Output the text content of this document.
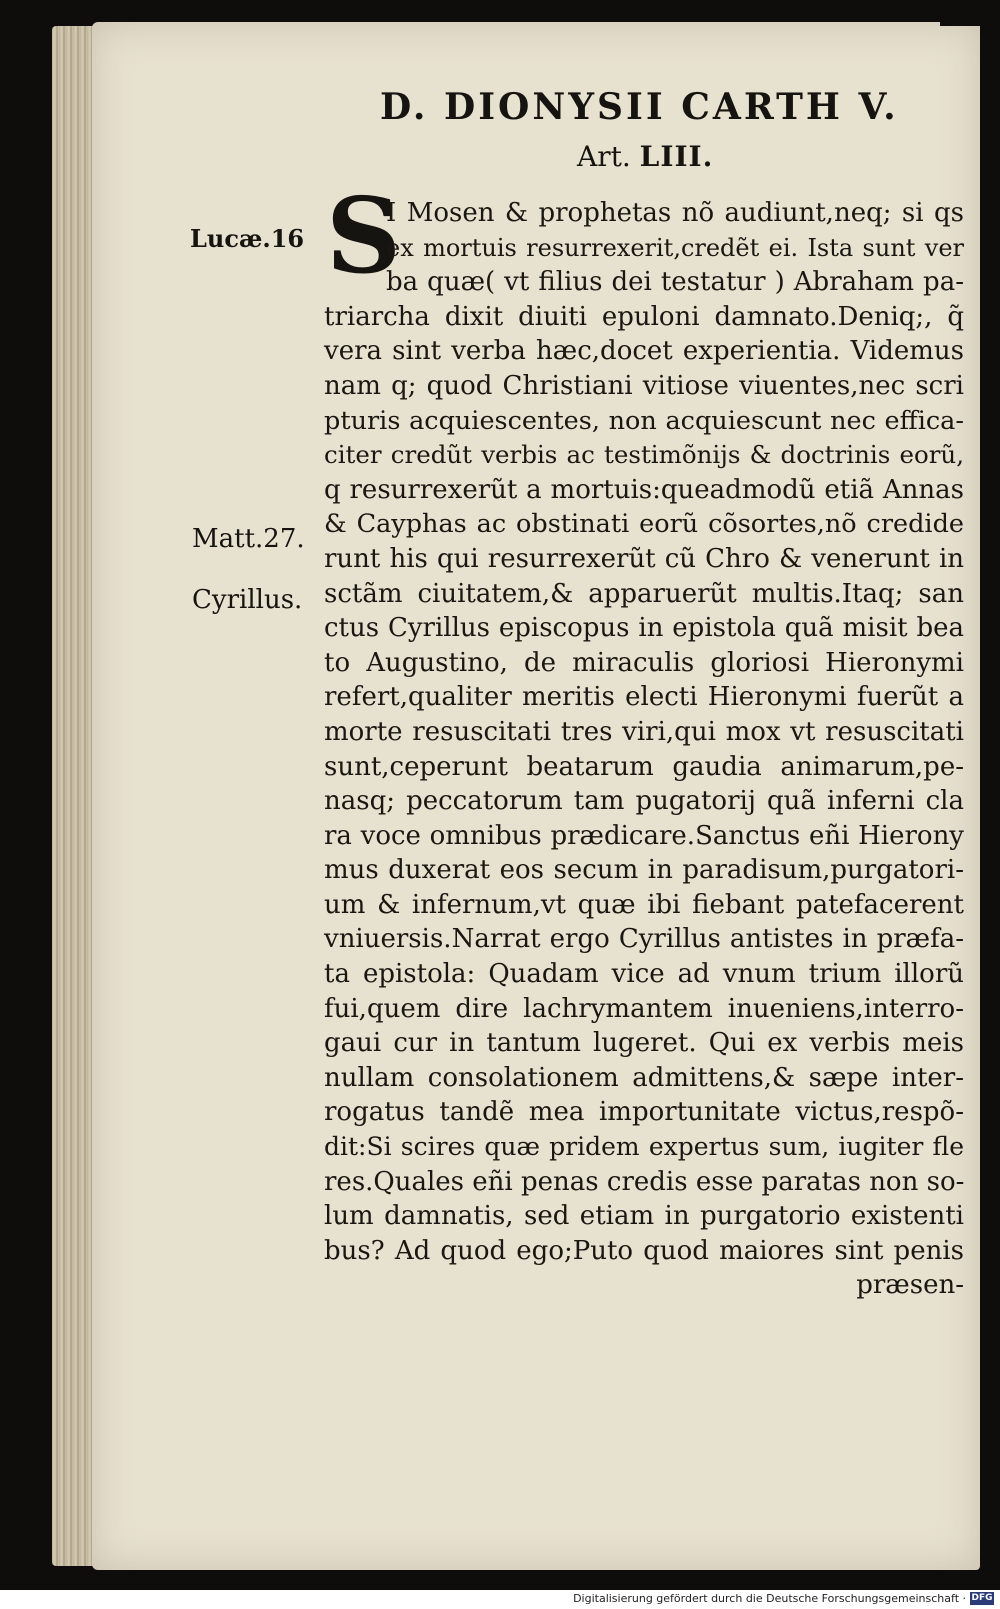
D. DIONYSII CARTH V.
Art. LIII.
Lucæ.16
Matt.27.
Cyrillus.
S
I Mosen & prophetas nõ audiunt,neq; si qs
ex mortuis resurrexerit,credẽt ei. Ista sunt ver
ba quæ( vt filius dei testatur ) Abraham pa-
triarcha dixit diuiti epuloni damnato.Deniq;, q̃
vera sint verba hæc,docet experientia. Videmus
nam q; quod Christiani vitiose viuentes,nec scri
pturis acquiescentes, non acquiescunt nec effica-
citer credũt verbis ac testimõnijs & doctrinis eorũ,
q resurrexerũt a mortuis:queadmodũ etiã Annas
& Cayphas ac obstinati eorũ cõsortes,nõ credide
runt his qui resurrexerũt cũ Chro & venerunt in
sctãm ciuitatem,& apparuerũt multis.Itaq; san
ctus Cyrillus episcopus in epistola quã misit bea
to Augustino, de miraculis gloriosi Hieronymi
refert,qualiter meritis electi Hieronymi fuerũt a
morte resuscitati tres viri,qui mox vt resuscitati
sunt,ceperunt beatarum gaudia animarum,pe-
nasq; peccatorum tam pugatorij quã inferni cla
ra voce omnibus prædicare.Sanctus eñi Hierony
mus duxerat eos secum in paradisum,purgatori-
um & infernum,vt quæ ibi fiebant patefacerent
vniuersis.Narrat ergo Cyrillus antistes in præfa-
ta epistola: Quadam vice ad vnum trium illorũ
fui,quem dire lachrymantem inueniens,interro-
gaui cur in tantum lugeret. Qui ex verbis meis
nullam consolationem admittens,& sæpe inter-
rogatus tandẽ mea importunitate victus,respõ-
dit:Si scires quæ pridem expertus sum, iugiter fle
res.Quales eñi penas credis esse paratas non so-
lum damnatis, sed etiam in purgatorio existenti
bus? Ad quod ego;Puto quod maiores sint penis
præsen-
Digitalisierung gefördert durch die Deutsche Forschungsgemeinschaft · DFG
